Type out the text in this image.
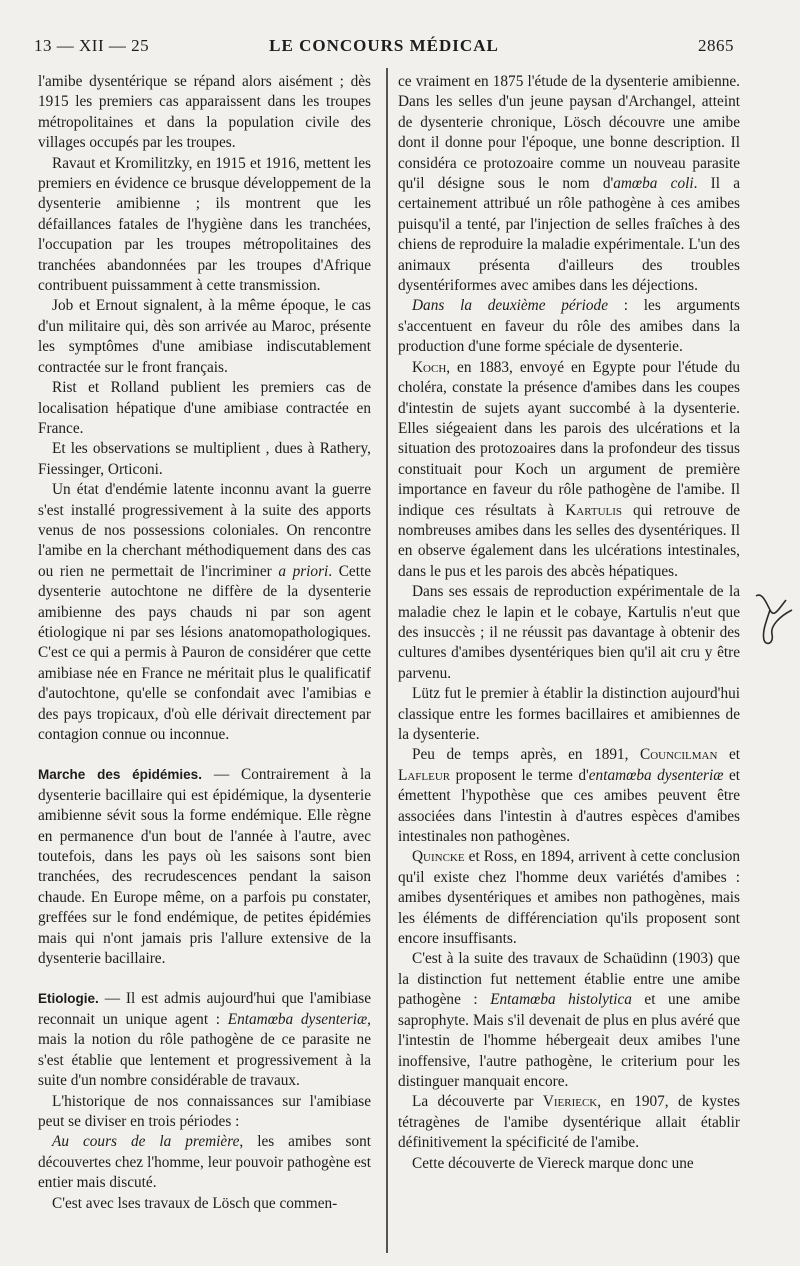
13 — XII — 25	LE CONCOURS MÉDICAL	2865

l'amibe dysentérique se répand alors aisément ; dès 1915 les premiers cas apparaissent dans les troupes métropolitaines et dans la population civile des villages occupés par les troupes.

Ravaut et Kromilitzky, en 1915 et 1916, mettent les premiers en évidence ce brusque développement de la dysenterie amibienne ; ils montrent que les défaillances fatales de l'hygiène dans les tranchées, l'occupation par les troupes métropolitaines des tranchées abandonnées par les troupes d'Afrique contribuent puissamment à cette transmission.

Job et Ernout signalent, à la même époque, le cas d'un militaire qui, dès son arrivée au Maroc, présente les symptômes d'une amibiase indiscutablement contractée sur le front français.

Rist et Rolland publient les premiers cas de localisation hépatique d'une amibiase contractée en France.

Et les observations se multiplient , dues à Rathery, Fiessinger, Orticoni.

Un état d'endémie latente inconnu avant la guerre s'est installé progressivement à la suite des apports venus de nos possessions coloniales. On rencontre l'amibe en la cherchant méthodiquement dans des cas ou rien ne permettait de l'incriminer a priori. Cette dysenterie autochtone ne diffère de la dysenterie amibienne des pays chauds ni par son agent étiologique ni par ses lésions anatomopathologiques. C'est ce qui a permis à Pauron de considérer que cette amibiase née en France ne méritait plus le qualificatif d'autochtone, qu'elle se confondait avec l'amibias e des pays tropicaux, d'où elle dérivait directement par contagion connue ou inconnue.

Marche des épidémies. — Contrairement à la dysenterie bacillaire qui est épidémique, la dysenterie amibienne sévit sous la forme endémique. Elle règne en permanence d'un bout de l'année à l'autre, avec toutefois, dans les pays où les saisons sont bien tranchées, des recrudescences pendant la saison chaude. En Europe même, on a parfois pu constater, greffées sur le fond endémique, de petites épidémies mais qui n'ont jamais pris l'allure extensive de la dysenterie bacillaire.

Etiologie. — Il est admis aujourd'hui que l'amibiase reconnait un unique agent : Entamœba dysenteriæ, mais la notion du rôle pathogène de ce parasite ne s'est établie que lentement et progressivement à la suite d'un nombre considérable de travaux.

L'historique de nos connaissances sur l'amibiase peut se diviser en trois périodes :

Au cours de la première, les amibes sont découvertes chez l'homme, leur pouvoir pathogène est entier mais discuté.

C'est avec lses travaux de Lösch que commen-

ce vraiment en 1875 l'étude de la dysenterie amibienne. Dans les selles d'un jeune paysan d'Archangel, atteint de dysenterie chronique, Lösch découvre une amibe dont il donne pour l'époque, une bonne description. Il considéra ce protozoaire comme un nouveau parasite qu'il désigne sous le nom d'amœba coli. Il a certainement attribué un rôle pathogène à ces amibes puisqu'il a tenté, par l'injection de selles fraîches à des chiens de reproduire la maladie expérimentale. L'un des animaux présenta d'ailleurs des troubles dysentériformes avec amibes dans les déjections.

Dans la deuxième période : les arguments s'accentuent en faveur du rôle des amibes dans la production d'une forme spéciale de dysenterie.

Koch, en 1883, envoyé en Egypte pour l'étude du choléra, constate la présence d'amibes dans les coupes d'intestin de sujets ayant succombé à la dysenterie. Elles siégeaient dans les parois des ulcérations et la situation des protozoaires dans la profondeur des tissus constituait pour Koch un argument de première importance en faveur du rôle pathogène de l'amibe. Il indique ces résultats à Kartulis qui retrouve de nombreuses amibes dans les selles des dysentériques. Il en observe également dans les ulcérations intestinales, dans le pus et les parois des abcès hépatiques.

Dans ses essais de reproduction expérimentale de la maladie chez le lapin et le cobaye, Kartulis n'eut que des insuccès ; il ne réussit pas davantage à obtenir des cultures d'amibes dysentériques bien qu'il ait cru y être parvenu.

Lütz fut le premier à établir la distinction aujourd'hui classique entre les formes bacillaires et amibiennes de la dysenterie.

Peu de temps après, en 1891, Councilman et Lafleur proposent le terme d'entamœba dysenteriæ et émettent l'hypothèse que ces amibes peuvent être associées dans l'intestin à d'autres espèces d'amibes intestinales non pathogènes.

Quincke et Ross, en 1894, arrivent à cette conclusion qu'il existe chez l'homme deux variétés d'amibes : amibes dysentériques et amibes non pathogènes, mais les éléments de différenciation qu'ils proposent sont encore insuffisants.

C'est à la suite des travaux de Schaüdinn (1903) que la distinction fut nettement établie entre une amibe pathogène : Entamœba histolytica et une amibe saprophyte. Mais s'il devenait de plus en plus avéré que l'intestin de l'homme hébergeait deux amibes l'une inoffensive, l'autre pathogène, le criterium pour les distinguer manquait encore.

La découverte par Vierieck, en 1907, de kystes tétragènes de l'amibe dysentérique allait établir définitivement la spécificité de l'amibe.

Cette découverte de Viereck marque donc une
